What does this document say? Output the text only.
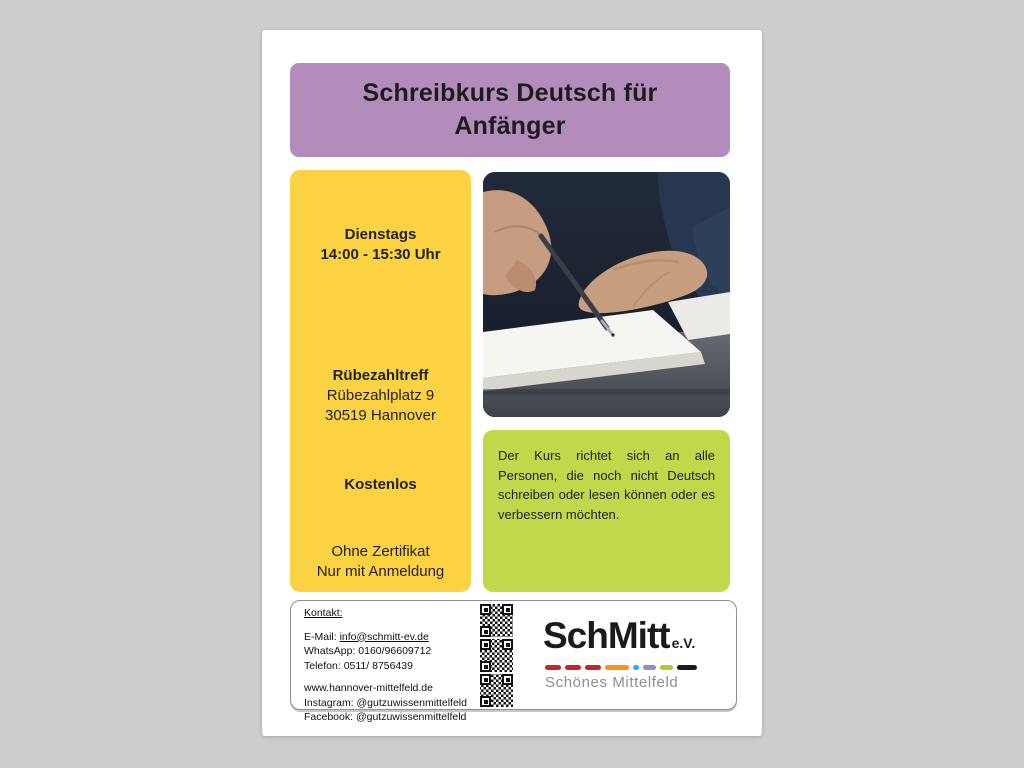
Schreibkurs Deutsch für Anfänger
Dienstags
14:00 - 15:30 Uhr
Rübezahltreff
Rübezahlplatz 9
30519 Hannover
Kostenlos
Ohne Zertifikat
Nur mit Anmeldung

Der Kurs richtet sich an alle Personen, die noch nicht Deutsch schreiben oder lesen können oder es verbessern möchten.

Kontakt:
E-Mail: info@schmitt-ev.de
WhatsApp: 0160/96609712
Telefon: 0511/ 8756439
www.hannover-mittelfeld.de
Instagram: @gutzuwissenmittelfeld
Facebook: @gutzuwissenmittelfeld
SchMitt e.V.
Schönes Mittelfeld
